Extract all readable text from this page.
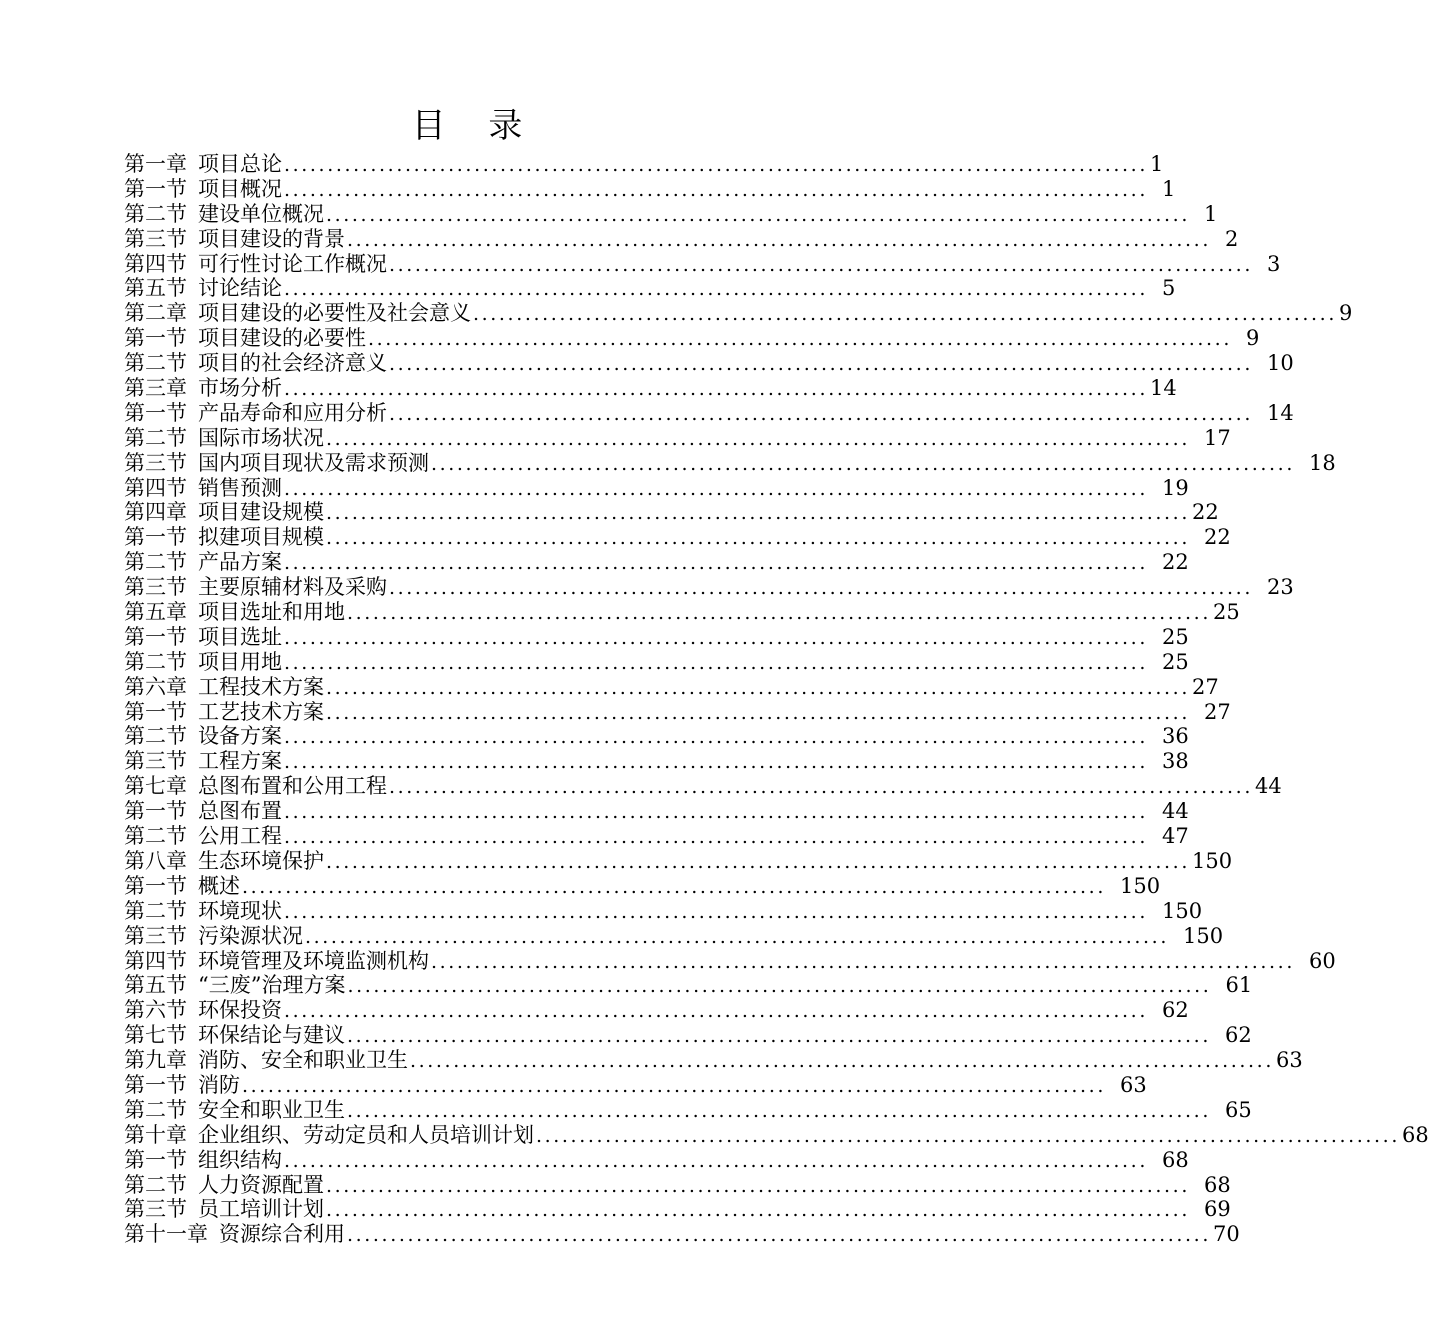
目 录
第一章 项目总论 .....	1
第一节 项目概况 .....	1
第二节 建设单位概况 .....	1
第三节 项目建设的背景 .....	2
第四节 可行性讨论工作概况 .....	3
第五节 讨论结论 .....	5
第二章 项目建设的必要性及社会意义 .....	9
第一节 项目建设的必要性 .....	9
第二节 项目的社会经济意义 .....	10
第三章 市场分析 .....	14
第一节 产品寿命和应用分析 .....	14
第二节 国际市场状况 .....	17
第三节 国内项目现状及需求预测 .....	18
第四节 销售预测 .....	19
第四章 项目建设规模 .....	22
第一节 拟建项目规模 .....	22
第二节 产品方案 .....	22
第三节 主要原辅材料及采购 .....	23
第五章 项目选址和用地 .....	25
第一节 项目选址 .....	25
第二节 项目用地 .....	25
第六章 工程技术方案 .....	27
第一节 工艺技术方案 .....	27
第二节 设备方案 .....	36
第三节 工程方案 .....	38
第七章 总图布置和公用工程 .....	44
第一节 总图布置 .....	44
第二节 公用工程 .....	47
第八章 生态环境保护 .....	150
第一节 概述 .....	150
第二节 环境现状 .....	150
第三节 污染源状况 .....	150
第四节 环境管理及环境监测机构 .....	60
第五节 “三废”治理方案 .....	61
第六节 环保投资 .....	62
第七节 环保结论与建议 .....	62
第九章 消防、安全和职业卫生 .....	63
第一节 消防 .....	63
第二节 安全和职业卫生 .....	65
第十章 企业组织、劳动定员和人员培训计划 .....	68
第一节 组织结构 .....	68
第二节 人力资源配置 .....	68
第三节 员工培训计划 .....	69
第十一章 资源综合利用 .....	70
